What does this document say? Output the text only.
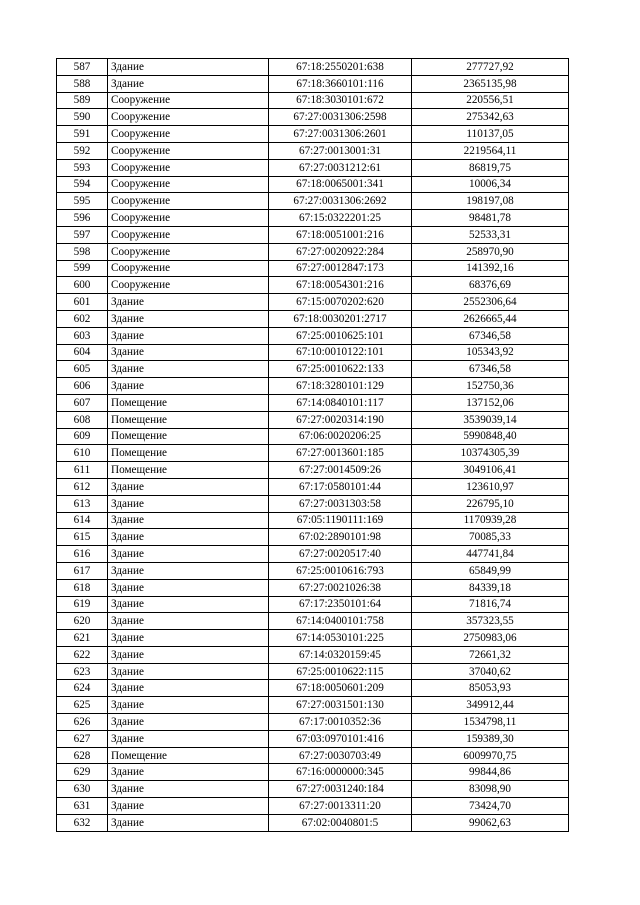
587	Здание	67:18:2550201:638	277727,92
588	Здание	67:18:3660101:116	2365135,98
589	Сооружение	67:18:3030101:672	220556,51
590	Сооружение	67:27:0031306:2598	275342,63
591	Сооружение	67:27:0031306:2601	110137,05
592	Сооружение	67:27:0013001:31	2219564,11
593	Сооружение	67:27:0031212:61	86819,75
594	Сооружение	67:18:0065001:341	10006,34
595	Сооружение	67:27:0031306:2692	198197,08
596	Сооружение	67:15:0322201:25	98481,78
597	Сооружение	67:18:0051001:216	52533,31
598	Сооружение	67:27:0020922:284	258970,90
599	Сооружение	67:27:0012847:173	141392,16
600	Сооружение	67:18:0054301:216	68376,69
601	Здание	67:15:0070202:620	2552306,64
602	Здание	67:18:0030201:2717	2626665,44
603	Здание	67:25:0010625:101	67346,58
604	Здание	67:10:0010122:101	105343,92
605	Здание	67:25:0010622:133	67346,58
606	Здание	67:18:3280101:129	152750,36
607	Помещение	67:14:0840101:117	137152,06
608	Помещение	67:27:0020314:190	3539039,14
609	Помещение	67:06:0020206:25	5990848,40
610	Помещение	67:27:0013601:185	10374305,39
611	Помещение	67:27:0014509:26	3049106,41
612	Здание	67:17:0580101:44	123610,97
613	Здание	67:27:0031303:58	226795,10
614	Здание	67:05:1190111:169	1170939,28
615	Здание	67:02:2890101:98	70085,33
616	Здание	67:27:0020517:40	447741,84
617	Здание	67:25:0010616:793	65849,99
618	Здание	67:27:0021026:38	84339,18
619	Здание	67:17:2350101:64	71816,74
620	Здание	67:14:0400101:758	357323,55
621	Здание	67:14:0530101:225	2750983,06
622	Здание	67:14:0320159:45	72661,32
623	Здание	67:25:0010622:115	37040,62
624	Здание	67:18:0050601:209	85053,93
625	Здание	67:27:0031501:130	349912,44
626	Здание	67:17:0010352:36	1534798,11
627	Здание	67:03:0970101:416	159389,30
628	Помещение	67:27:0030703:49	6009970,75
629	Здание	67:16:0000000:345	99844,86
630	Здание	67:27:0031240:184	83098,90
631	Здание	67:27:0013311:20	73424,70
632	Здание	67:02:0040801:5	99062,63
